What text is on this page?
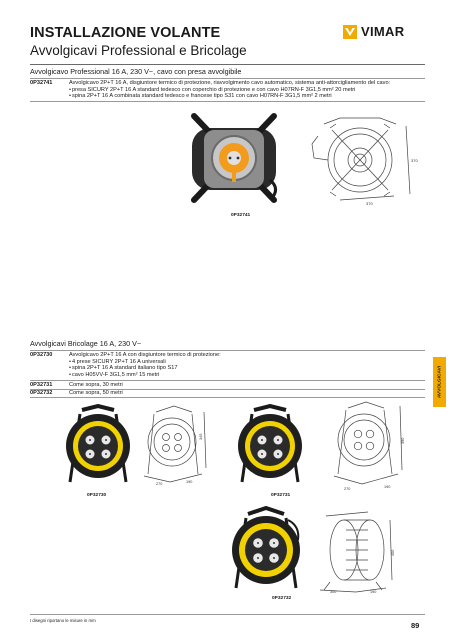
INSTALLAZIONE VOLANTE
Avvolgicavi Professional e Bricolage
VIMAR
Avvolgicavo Professional 16 A, 230 V~, cavo con presa avvolgibile
0P32741	Avvolgicavo 2P+T 16 A, disgiuntore termico di protezione, riavvolgimento cavo automatico, sistema anti-attorcigliamento del cavo:
• presa SICURY 2P+T 16 A standard tedesco con coperchio di protezione e con cavo H07RN-F 3G1,5 mm² 20 metri
• spina 2P+T 16 A combinata standard tedesco e francese tipo S31 con cavo H07RN-F 3G1,5 mm² 2 metri
370
370
0P32741
Avvolgicavi Bricolage 16 A, 230 V~
0P32730	Avvolgicavo 2P+T 16 A con disgiuntore termico di protezione:
• 4 prese SICURY 2P+T 16 A universali
• spina 2P+T 16 A standard italiano tipo S17
• cavo H05VV-F 3G1,5 mm² 15 metri
0P32731	Come sopra, 30 metri
0P32732	Come sopra, 50 metri	AVVOLGICAVI
345
270	190
390
270	190
0P32730	0P32731
400
300	190
0P32732
I disegni riportano le misure in mm
89
